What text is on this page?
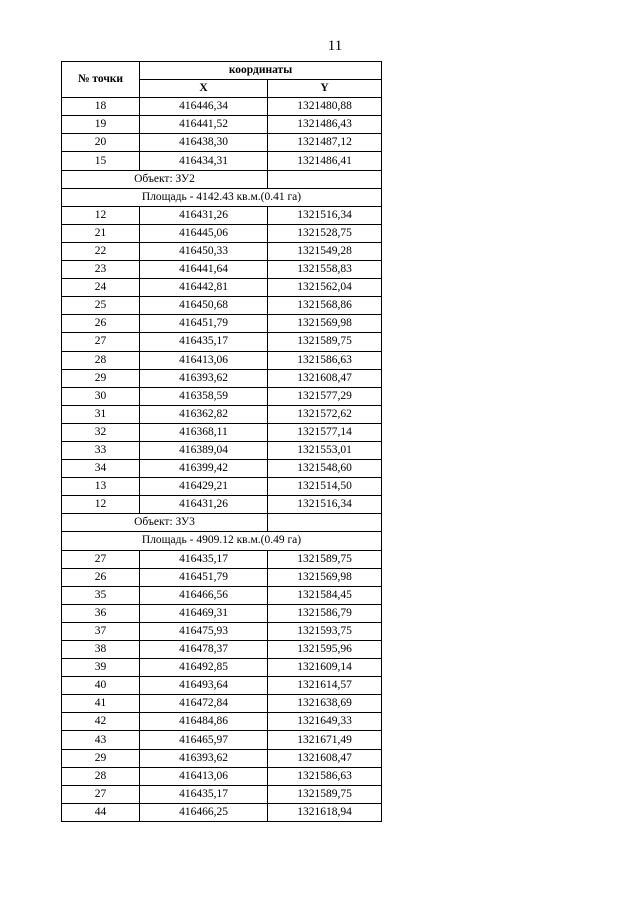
11
№ точки	координаты	
	X	Y
18	416446,34	1321480,88
19	416441,52	1321486,43
20	416438,30	1321487,12
15	416434,31	1321486,41
Объект: ЗУ2		
Площадь - 4142.43 кв.м.(0.41 га)		
12	416431,26	1321516,34
21	416445,06	1321528,75
22	416450,33	1321549,28
23	416441,64	1321558,83
24	416442,81	1321562,04
25	416450,68	1321568,86
26	416451,79	1321569,98
27	416435,17	1321589,75
28	416413,06	1321586,63
29	416393,62	1321608,47
30	416358,59	1321577,29
31	416362,82	1321572,62
32	416368,11	1321577,14
33	416389,04	1321553,01
34	416399,42	1321548,60
13	416429,21	1321514,50
12	416431,26	1321516,34
Объект: ЗУ3		
Площадь - 4909.12 кв.м.(0.49 га)		
27	416435,17	1321589,75
26	416451,79	1321569,98
35	416466,56	1321584,45
36	416469,31	1321586,79
37	416475,93	1321593,75
38	416478,37	1321595,96
39	416492,85	1321609,14
40	416493,64	1321614,57
41	416472,84	1321638,69
42	416484,86	1321649,33
43	416465,97	1321671,49
29	416393,62	1321608,47
28	416413,06	1321586,63
27	416435,17	1321589,75
44	416466,25	1321618,94
